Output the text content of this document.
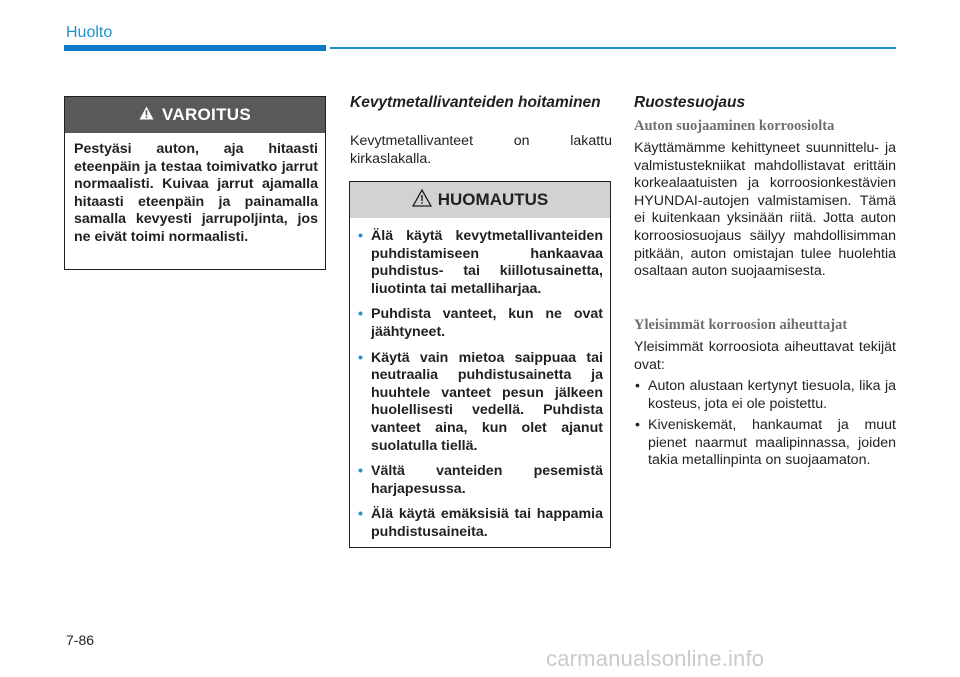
Huolto
VAROITUS
Pestyäsi auton, aja hitaasti eteenpäin ja testaa toimivatko jarrut normaalisti. Kuivaa jarrut ajamalla hitaasti eteenpäin ja painamalla samalla kevyesti jarrupoljinta, jos ne eivät toimi normaalisti.
Kevytmetallivanteiden hoitaminen
Kevytmetallivanteet on lakattu kirkaslakalla.
HUOMAUTUS
• Älä käytä kevytmetallivanteiden puhdistamiseen hankaavaa puhdistus- tai kiillotusainetta, liuotinta tai metalliharjaa.
• Puhdista vanteet, kun ne ovat jäähtyneet.
• Käytä vain mietoa saippuaa tai neutraalia puhdistusainetta ja huuhtele vanteet pesun jälkeen huolellisesti vedellä. Puhdista vanteet aina, kun olet ajanut suolatulla tiellä.
• Vältä vanteiden pesemistä harjapesussa.
• Älä käytä emäksisiä tai happamia puhdistusaineita.
Ruostesuojaus
Auton suojaaminen korroosiolta
Käyttämämme kehittyneet suunnittelu- ja valmistustekniikat mahdollistavat erittäin korkealaatuisten ja korroosionkestävien HYUNDAI-autojen valmistamisen. Tämä ei kuitenkaan yksinään riitä. Jotta auton korroosiosuojaus säilyy mahdollisimman pitkään, auton omistajan tulee huolehtia osaltaan auton suojaamisesta.
Yleisimmät korroosion aiheuttajat
Yleisimmät korroosiota aiheuttavat tekijät ovat:
• Auton alustaan kertynyt tiesuola, lika ja kosteus, jota ei ole poistettu.
• Kiveniskemät, hankaumat ja muut pienet naarmut maalipinnassa, joiden takia metallinpinta on suojaamaton.
7-86
carmanualsonline.info
